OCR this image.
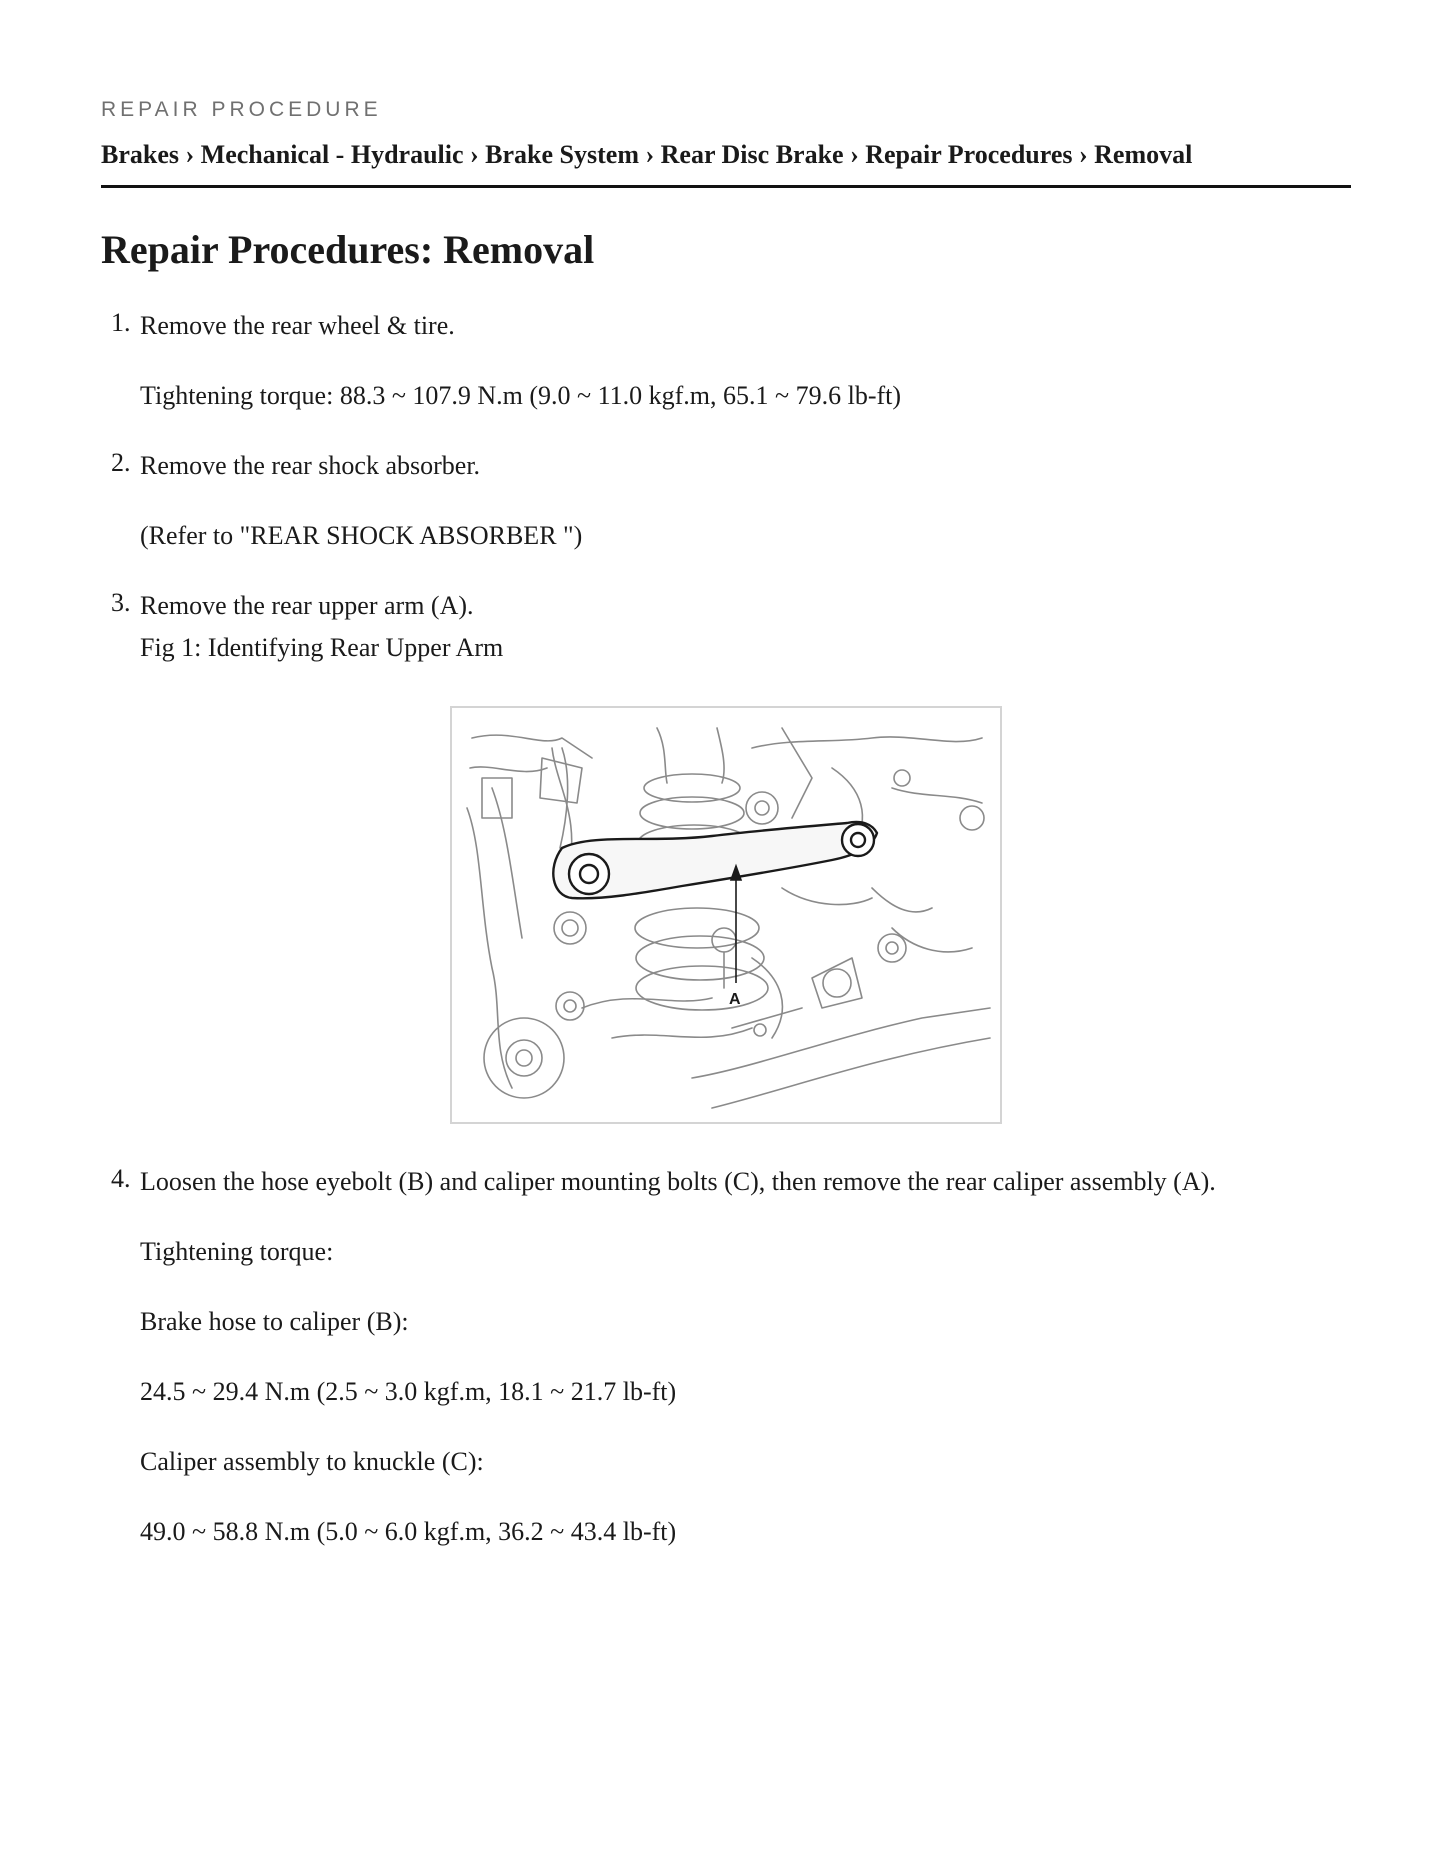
REPAIR PROCEDURE
Brakes › Mechanical - Hydraulic › Brake System › Rear Disc Brake › Repair Procedures › Removal
Repair Procedures: Removal
1. Remove the rear wheel & tire.
Tightening torque: 88.3 ~ 107.9 N.m (9.0 ~ 11.0 kgf.m, 65.1 ~ 79.6 lb-ft)
2. Remove the rear shock absorber.
(Refer to "REAR SHOCK ABSORBER ")
3. Remove the rear upper arm (A).
Fig 1: Identifying Rear Upper Arm
A
4. Loosen the hose eyebolt (B) and caliper mounting bolts (C), then remove the rear caliper assembly (A).
Tightening torque:
Brake hose to caliper (B):
24.5 ~ 29.4 N.m (2.5 ~ 3.0 kgf.m, 18.1 ~ 21.7 lb-ft)
Caliper assembly to knuckle (C):
49.0 ~ 58.8 N.m (5.0 ~ 6.0 kgf.m, 36.2 ~ 43.4 lb-ft)
